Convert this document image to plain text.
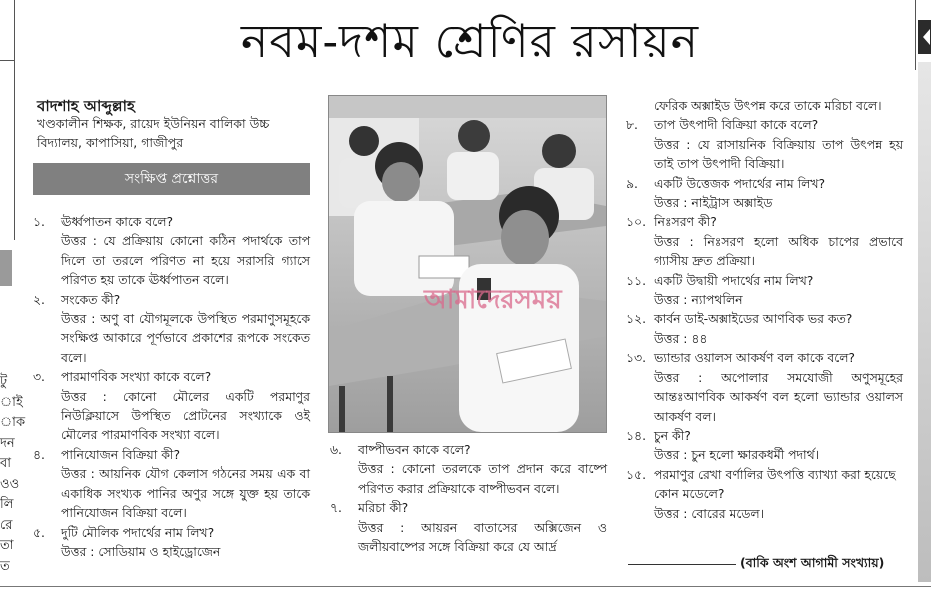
টু
াই
াক
দন
বা
ওও
লি
রে
তা
ত
নবম-দশম শ্রেণির রসায়ন
বাদশাহ আব্দুল্লাহ
খণ্ডকালীন শিক্ষক, রায়েদ ইউনিয়ন বালিকা উচ্চ বিদ্যালয়, কাপাসিয়া, গাজীপুর
সংক্ষিপ্ত প্রশ্নোত্তর
১. ঊর্ধ্বপাতন কাকে বলে?
উত্তর : যে প্রক্রিয়ায় কোনো কঠিন পদার্থকে তাপ দিলে তা তরলে পরিণত না হয়ে সরাসরি গ্যাসে পরিণত হয় তাকে ঊর্ধ্বপাতন বলে।
২. সংকেত কী?
উত্তর : অণু বা যৌগমূলকে উপস্থিত পরমাণুসমূহকে সংক্ষিপ্ত আকারে পূর্ণভাবে প্রকাশের রূপকে সংকেত বলে।
৩. পারমাণবিক সংখ্যা কাকে বলে?
উত্তর : কোনো মৌলের একটি পরমাণুর নিউক্লিয়াসে উপস্থিত প্রোটনের সংখ্যাকে ওই মৌলের পারমাণবিক সংখ্যা বলে।
৪. পানিযোজন বিক্রিয়া কী?
উত্তর : আয়নিক যৌগ কেলাস গঠনের সময় এক বা একাধিক সংখ্যক পানির অণুর সঙ্গে যুক্ত হয় তাকে পানিযোজন বিক্রিয়া বলে।
৫. দুটি মৌলিক পদার্থের নাম লিখ?
উত্তর : সোডিয়াম ও হাইড্রোজেন
আমাদেরসময়
৬. বাষ্পীভবন কাকে বলে?
উত্তর : কোনো তরলকে তাপ প্রদান করে বাষ্পে পরিণত করার প্রক্রিয়াকে বাষ্পীভবন বলে।
৭. মরিচা কী?
উত্তর : আয়রন বাতাসের অক্সিজেন ও জলীয়বাষ্পের সঙ্গে বিক্রিয়া করে যে আর্দ্র
ফেরিক অক্সাইড উৎপন্ন করে তাকে মরিচা বলে।
৮. তাপ উৎপাদী বিক্রিয়া কাকে বলে?
উত্তর : যে রাসায়নিক বিক্রিয়ায় তাপ উৎপন্ন হয় তাই তাপ উৎপাদী বিক্রিয়া।
৯. একটি উত্তেজক পদার্থের নাম লিখ?
উত্তর : নাইট্রাস অক্সাইড
১০. নিঃসরণ কী?
উত্তর : নিঃসরণ হলো অধিক চাপের প্রভাবে গ্যাসীয় দ্রুত প্রক্রিয়া।
১১. একটি উদ্বায়ী পদার্থের নাম লিখ?
উত্তর : ন্যাপথলিন
১২. কার্বন ডাই-অক্সাইডের আণবিক ভর কত?
উত্তর : ৪৪
১৩. ভ্যান্ডার ওয়ালস আকর্ষণ বল কাকে বলে?
উত্তর : অপোলার সমযোজী অণুসমূহের আন্তঃআণবিক আকর্ষণ বল হলো ভ্যান্ডার ওয়ালস আকর্ষণ বল।
১৪. চুন কী?
উত্তর : চুন হলো ক্ষারকধর্মী পদার্থ।
১৫. পরমাণুর রেখা বর্ণালির উৎপত্তি ব্যাখ্যা করা হয়েছে কোন মডেলে?
উত্তর : বোরের মডেল।
(বাকি অংশ আগামী সংখ্যায়)
